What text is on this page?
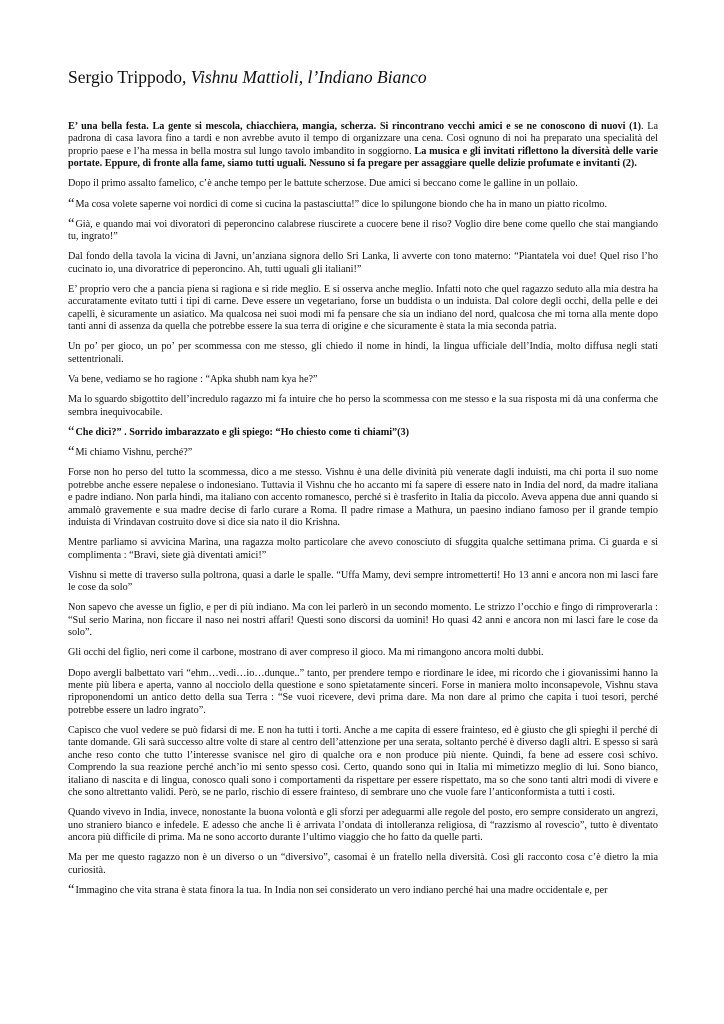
Sergio Trippodo, Vishnu Mattioli, l’Indiano Bianco

E’ una bella festa. La gente si mescola, chiacchiera, mangia, scherza. Si rincontrano vecchi amici e se ne conoscono di nuovi (1). La padrona di casa lavora fino a tardi e non avrebbe avuto il tempo di organizzare una cena. Così ognuno di noi ha preparato una specialità del proprio paese e l’ha messa in bella mostra sul lungo tavolo imbandito in soggiorno. La musica e gli invitati riflettono la diversità delle varie portate. Eppure, di fronte alla fame, siamo tutti uguali. Nessuno si fa pregare per assaggiare quelle delizie profumate e invitanti (2).

Dopo il primo assalto famelico, c’è anche tempo per le battute scherzose. Due amici si beccano come le galline in un pollaio.

“Ma cosa volete saperne voi nordici di come si cucina la pastasciutta!” dice lo spilungone biondo che ha in mano un piatto ricolmo.

“Già, e quando mai voi divoratori di peperoncino calabrese riuscirete a cuocere bene il riso? Voglio dire bene come quello che stai mangiando tu, ingrato!”

Dal fondo della tavola la vicina di Javni, un’anziana signora dello Sri Lanka, li avverte con tono materno: “Piantatela voi due! Quel riso l’ho cucinato io, una divoratrice di peperoncino. Ah, tutti uguali gli italiani!”

E’ proprio vero che a pancia piena si ragiona e si ride meglio. E si osserva anche meglio. Infatti noto che quel ragazzo seduto alla mia destra ha accuratamente evitato tutti i tipi di carne. Deve essere un vegetariano, forse un buddista o un induista. Dal colore degli occhi, della pelle e dei capelli, è sicuramente un asiatico. Ma qualcosa nei suoi modi mi fa pensare che sia un indiano del nord, qualcosa che mi torna alla mente dopo tanti anni di assenza da quella che potrebbe essere la sua terra di origine e che sicuramente è stata la mia seconda patria.

Un po’ per gioco, un po’ per scommessa con me stesso, gli chiedo il nome in hindi, la lingua ufficiale dell’India, molto diffusa negli stati settentrionali.

Va bene, vediamo se ho ragione : “Apka shubh nam kya he?”

Ma lo sguardo sbigottito dell’incredulo ragazzo mi fa intuire che ho perso la scommessa con me stesso e la sua risposta mi dà una conferma che sembra inequivocabile.

“Che dici?” . Sorrido imbarazzato e gli spiego: “Ho chiesto come ti chiami”(3)

“Mi chiamo Vishnu, perché?”

Forse non ho perso del tutto la scommessa, dico a me stesso. Vishnu è una delle divinità più venerate dagli induisti, ma chi porta il suo nome potrebbe anche essere nepalese o indonesiano. Tuttavia il Vishnu che ho accanto mi fa sapere di essere nato in India del nord, da madre italiana e padre indiano. Non parla hindi, ma italiano con accento romanesco, perché si è trasferito in Italia da piccolo. Aveva appena due anni quando si ammalò gravemente e sua madre decise di farlo curare a Roma. Il padre rimase a Mathura, un paesino indiano famoso per il grande tempio induista di Vrindavan costruito dove si dice sia nato il dio Krishna.

Mentre parliamo si avvicina Marina, una ragazza molto particolare che avevo conosciuto di sfuggita qualche settimana prima. Ci guarda e si complimenta : “Bravi, siete già diventati amici!”

Vishnu si mette di traverso sulla poltrona, quasi a darle le spalle. “Uffa Mamy, devi sempre intrometterti! Ho 13 anni e ancora non mi lasci fare le cose da solo”

Non sapevo che avesse un figlio, e per di più indiano. Ma con lei parlerò in un secondo momento. Le strizzo l’occhio e fingo di rimproverarla : “Sul serio Marina, non ficcare il naso nei nostri affari! Questi sono discorsi da uomini! Ho quasi 42 anni e ancora non mi lasci fare le cose da solo”.

Gli occhi del figlio, neri come il carbone, mostrano di aver compreso il gioco. Ma mi rimangono ancora molti dubbi.

Dopo avergli balbettato vari “ehm…vedi…io…dunque..” tanto, per prendere tempo e riordinare le idee, mi ricordo che i giovanissimi hanno la mente più libera e aperta, vanno al nocciolo della questione e sono spietatamente sinceri. Forse in maniera molto inconsapevole, Vishnu stava riproponendomi un antico detto della sua Terra : “Se vuoi ricevere, devi prima dare. Ma non dare al primo che capita i tuoi tesori, perché potrebbe essere un ladro ingrato”.

Capisco che vuol vedere se può fidarsi di me. E non ha tutti i torti. Anche a me capita di essere frainteso, ed è giusto che gli spieghi il perché di tante domande. Gli sarà successo altre volte di stare al centro dell’attenzione per una serata, soltanto perché è diverso dagli altri. E spesso si sarà anche reso conto che tutto l’interesse svanisce nel giro di qualche ora e non produce più niente. Quindi, fa bene ad essere così schivo. Comprendo la sua reazione perché anch’io mi sento spesso così. Certo, quando sono qui in Italia mi mimetizzo meglio di lui. Sono bianco, italiano di nascita e di lingua, conosco quali sono i comportamenti da rispettare per essere rispettato, ma so che sono tanti altri modi di vivere e che sono altrettanto validi. Però, se ne parlo, rischio di essere frainteso, di sembrare uno che vuole fare l’anticonformista a tutti i costi.

Quando vivevo in India, invece, nonostante la buona volontà e gli sforzi per adeguarmi alle regole del posto, ero sempre considerato un angrezi, uno straniero bianco e infedele. E adesso che anche lì è arrivata l’ondata di intolleranza religiosa, di “razzismo al rovescio”, tutto è diventato ancora più difficile di prima. Ma ne sono accorto durante l’ultimo viaggio che ho fatto da quelle parti.

Ma per me questo ragazzo non è un diverso o un “diversivo”, casomai è un fratello nella diversità. Così gli racconto cosa c’è dietro la mia curiosità.

“Immagino che vita strana è stata finora la tua. In India non sei considerato un vero indiano perché hai una madre occidentale e, per
